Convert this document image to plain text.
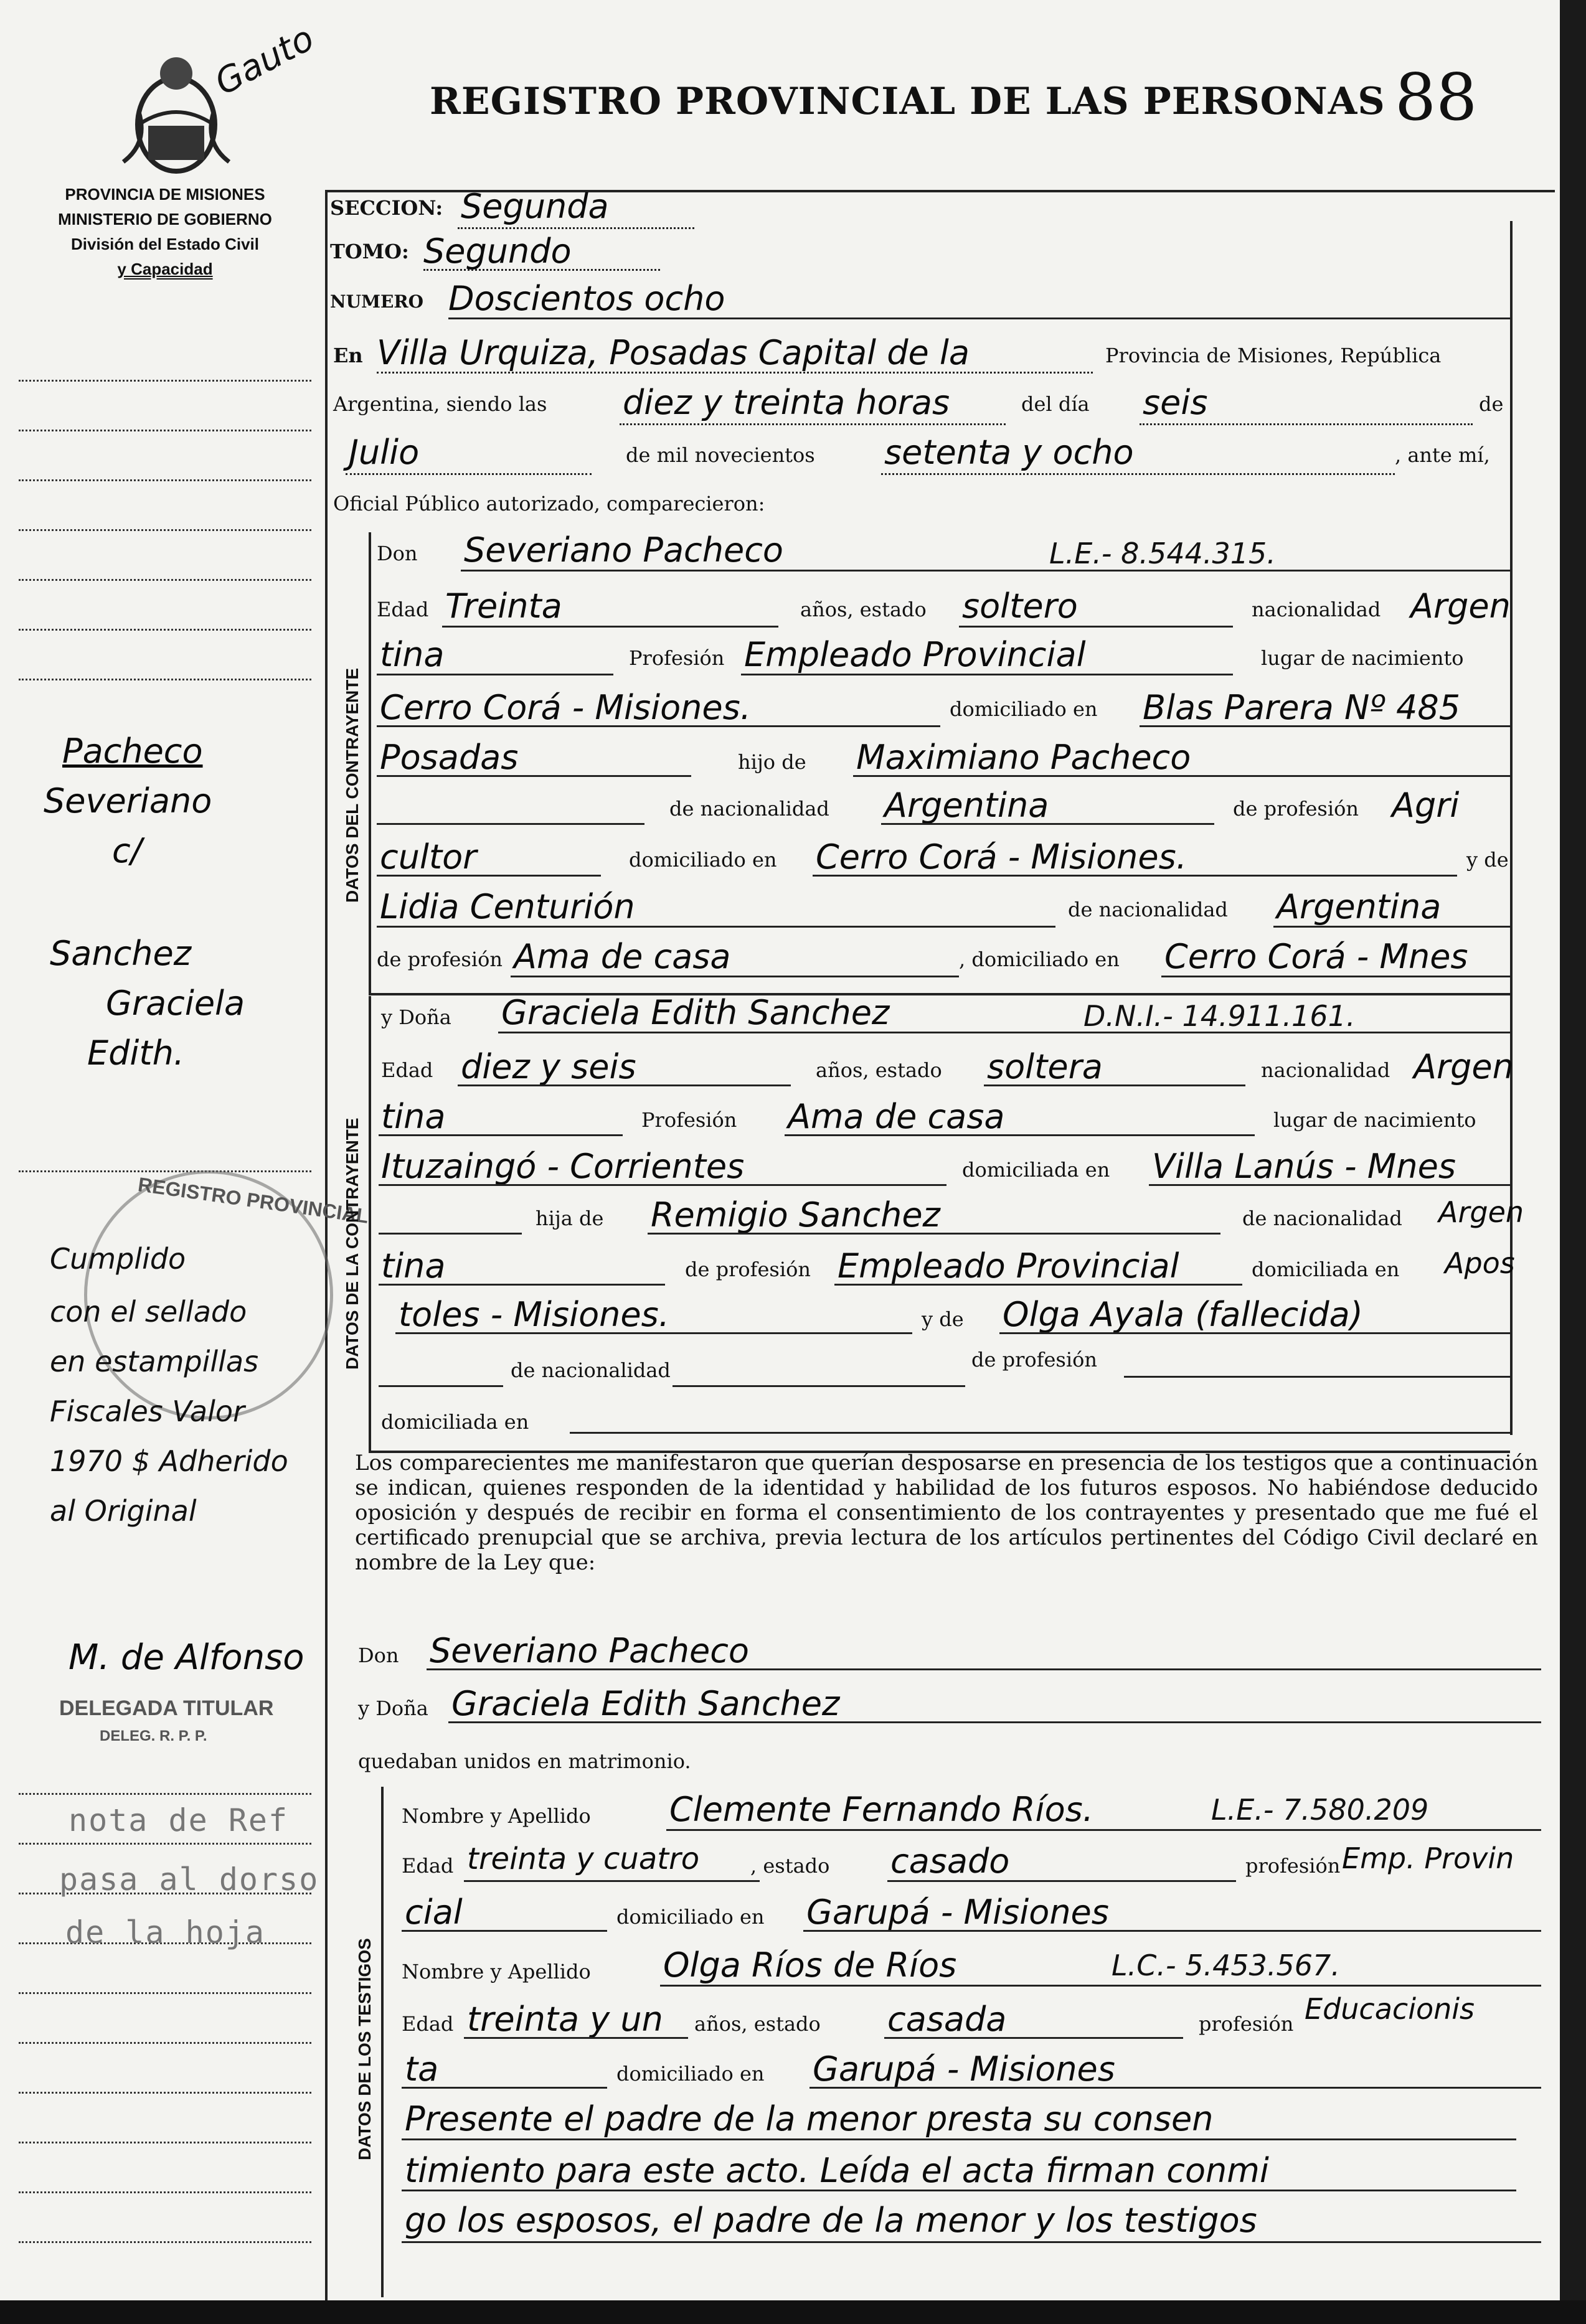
Gauto	REGISTRO PROVINCIAL DE LAS PERSONAS 88
PROVINCIA DE MISIONES
MINISTERIO DE GOBIERNO
División del Estado Civil
y Capacidad
Pacheco
Severiano
c/
Sanchez
Graciela
Edith.
REGISTRO PROVINCIAL
Cumplido
con el sellado
en estampillas
Fiscales Valor
1970 $ Adherido
al Original
M. de Alfonso
DELEGADA TITULAR
DELEG. R. P. P.
nota de Ref
pasa al dorso
de la hoja
SECCION: Segunda
TOMO: Segundo
NUMERO Doscientos ocho
En Villa Urquiza, Posadas Capital de la	Provincia de Misiones, República
Argentina, siendo las diez y treinta horas	del día seis	de
Julio	de mil novecientos setenta y ocho	, ante mí,
Oficial Público autorizado, comparecieron:
DATOS DEL CONTRAYENTE
Don Severiano Pacheco	L.E.- 8.544.315.
Edad Treinta	años, estado soltero	nacionalidad Argen
tina	Profesión Empleado Provincial	lugar de nacimiento
Cerro Corá - Misiones.	domiciliado en Blas Parera Nº 485
Posadas	hijo de Maximiano Pacheco
de nacionalidad Argentina	de profesión Agri
cultor	domiciliado en Cerro Corá - Misiones.	y de
Lidia Centurión	de nacionalidad Argentina
de profesión Ama de casa	, domiciliado en Cerro Corá - Mnes
DATOS DE LA CONTRAYENTE
y Doña Graciela Edith Sanchez	D.N.I.- 14.911.161.
Edad diez y seis	años, estado soltera	nacionalidad Argen
tina	Profesión Ama de casa	lugar de nacimiento
Ituzaingó - Corrientes	domiciliada en Villa Lanús - Mnes
hija de Remigio Sanchez	de nacionalidad Argen
tina	de profesión Empleado Provincial	domiciliada en Apos
toles - Misiones.	y de Olga Ayala (fallecida)
de nacionalidad	de profesión
domiciliada en
Los comparecientes me manifestaron que querían desposarse en presencia de los testigos que a continuación se indican, quienes responden de la identidad y habilidad de los futuros esposos. No habiéndose deducido oposición y después de recibir en forma el consentimiento de los contrayentes y presentado que me fué el certificado prenupcial que se archiva, previa lectura de los artículos pertinentes del Código Civil declaré en nombre de la Ley que:
Don Severiano Pacheco
y Doña Graciela Edith Sanchez
quedaban unidos en matrimonio.
DATOS DE LOS TESTIGOS
Nombre y Apellido Clemente Fernando Ríos.	L.E.- 7.580.209
Edad treinta y cuatro	, estado casado	profesión Emp. Provin
cial	domiciliado en Garupá - Misiones
Nombre y Apellido Olga Ríos de Ríos	L.C.- 5.453.567.
Edad treinta y un años, estado casada	profesión Educacionis
ta	domiciliado en Garupá - Misiones
Presente el padre de la menor presta su consen
timiento para este acto. Leída el acta firman conmi
go los esposos, el padre de la menor y los testigos
